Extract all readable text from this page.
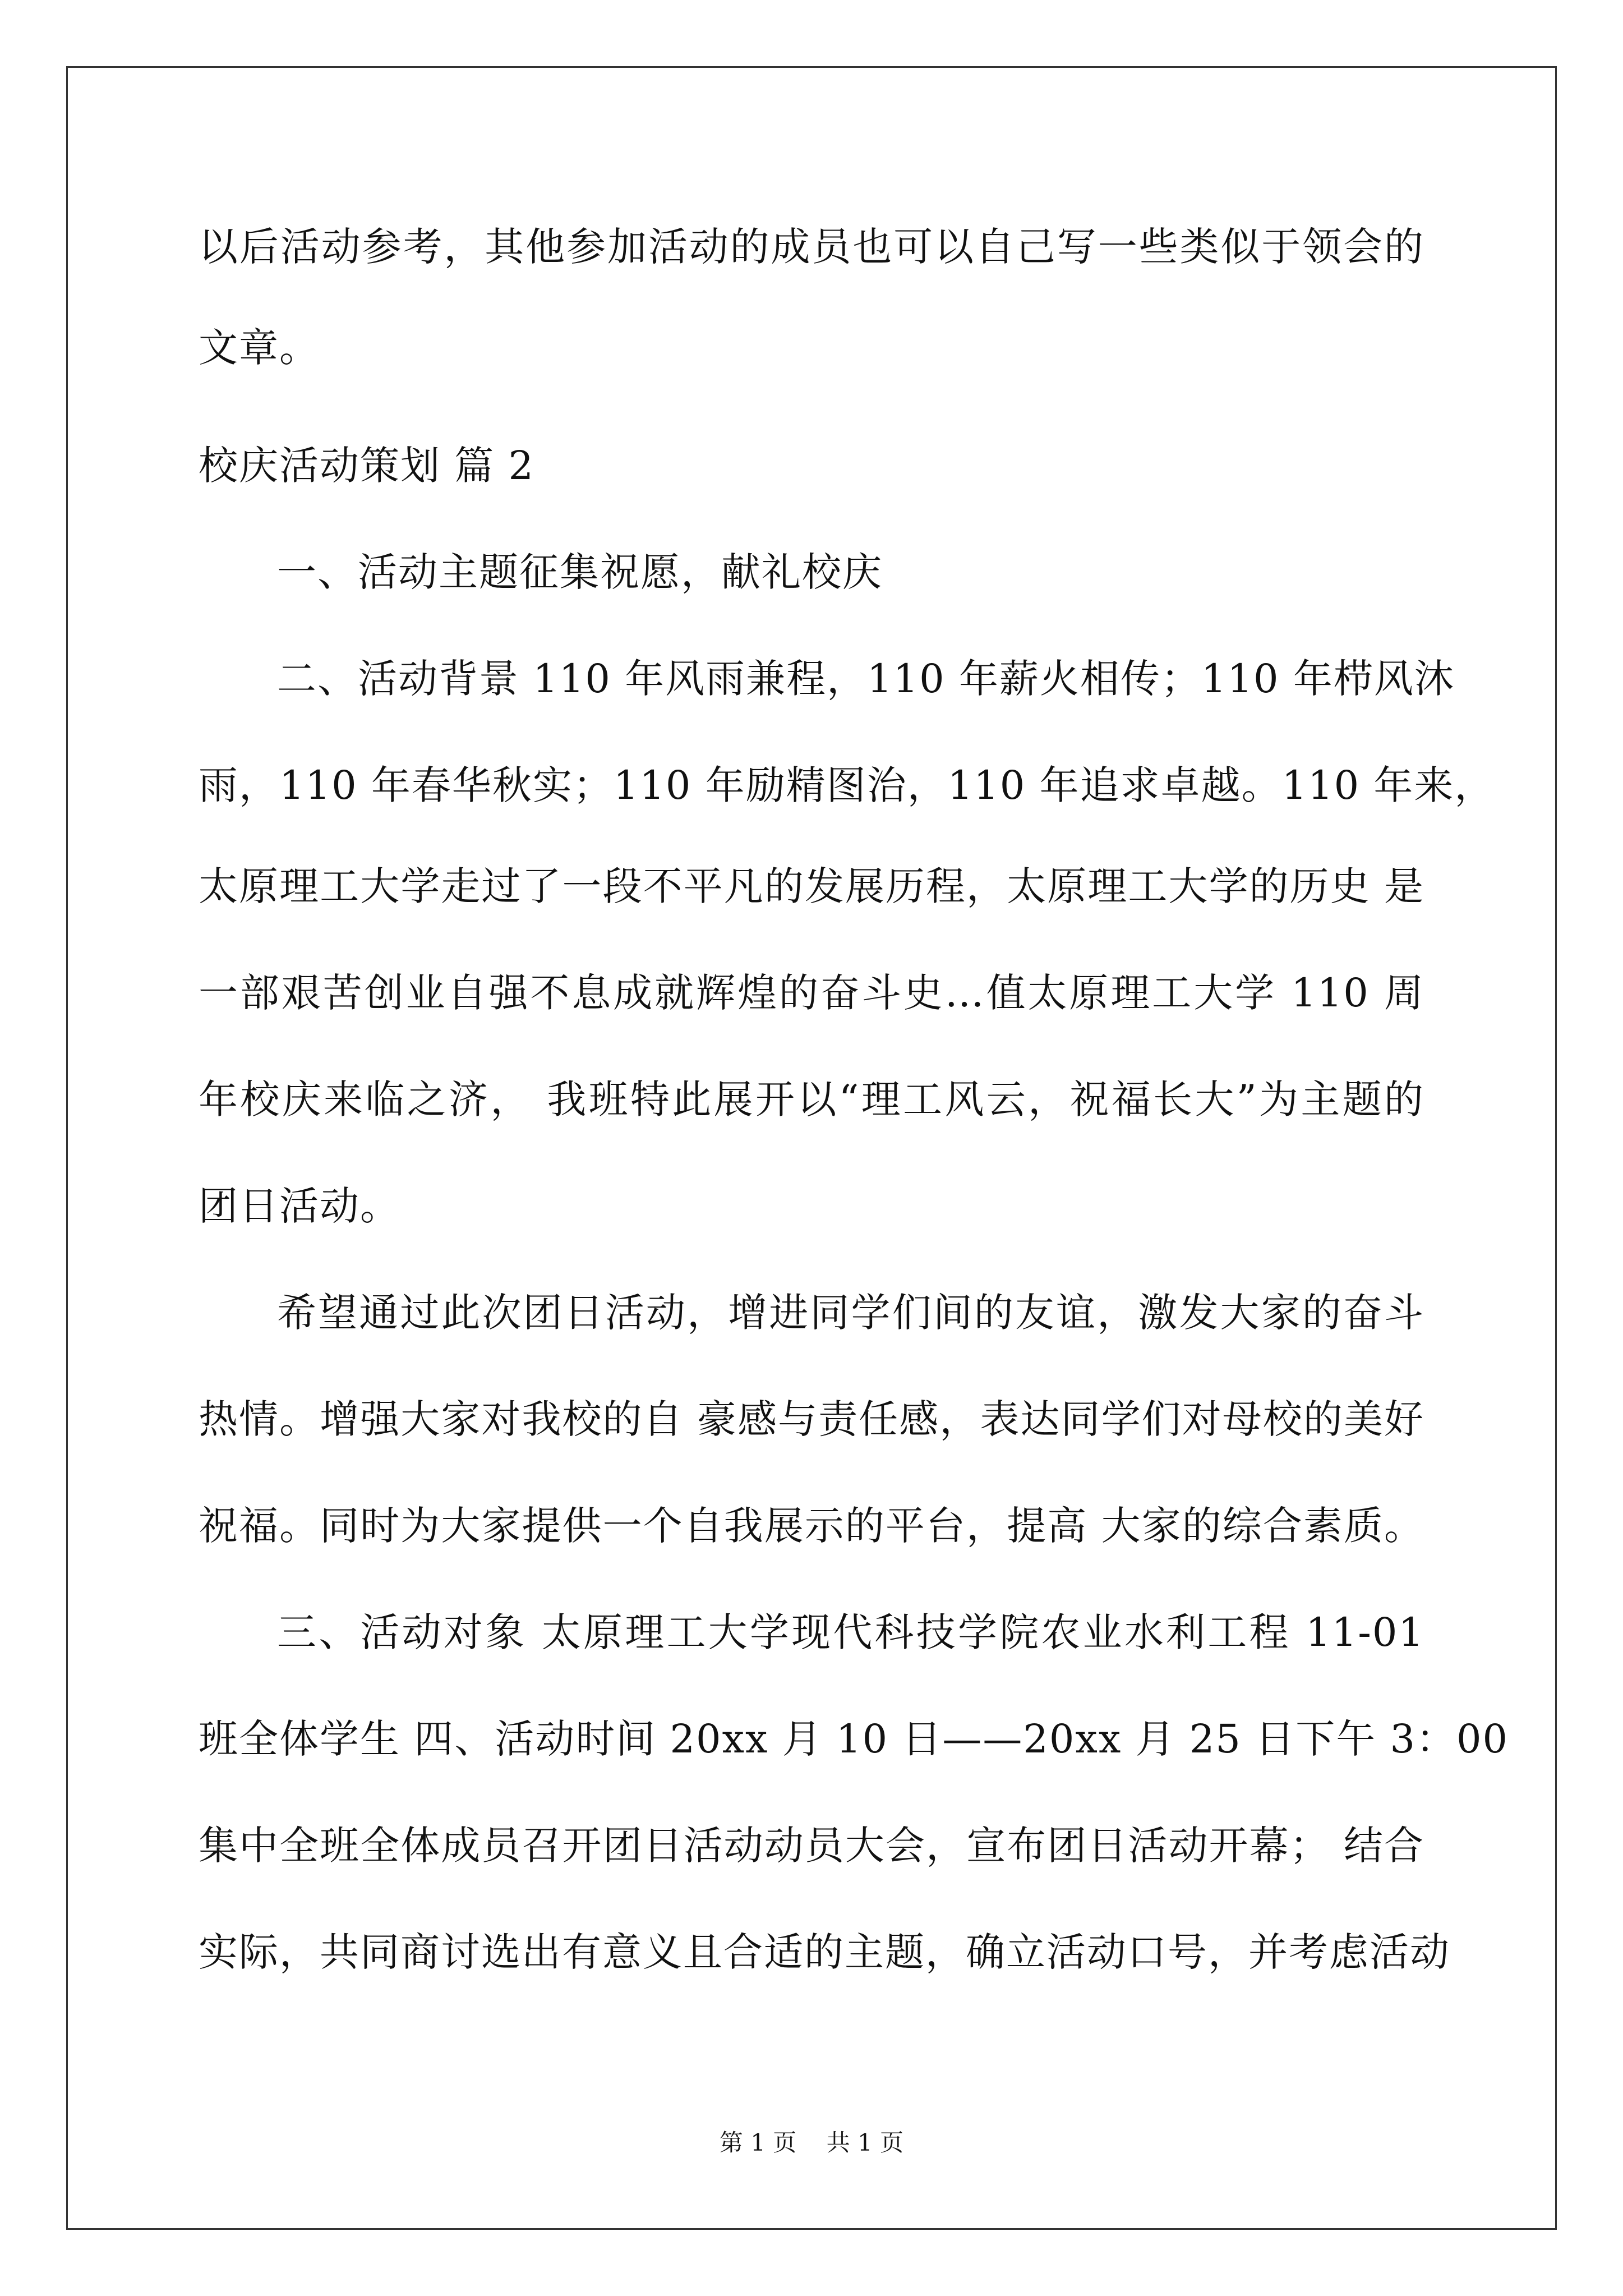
以后活动参考，其他参加活动的成员也可以自己写一些类似于领会的
文章。
校庆活动策划 篇 2
一、活动主题征集祝愿，献礼校庆
二、活动背景 110 年风雨兼程，110 年薪火相传；110 年栉风沐
雨，110 年春华秋实；110 年励精图治，110 年追求卓越。110 年来，
太原理工大学走过了一段不平凡的发展历程，太原理工大学的历史 是
一部艰苦创业自强不息成就辉煌的奋斗史…值太原理工大学 110 周
年校庆来临之济， 我班特此展开以“理工风云，祝福长大”为主题的
团日活动。
希望通过此次团日活动，增进同学们间的友谊，激发大家的奋斗
热情。增强大家对我校的自 豪感与责任感，表达同学们对母校的美好
祝福。同时为大家提供一个自我展示的平台，提高 大家的综合素质。
三、活动对象 太原理工大学现代科技学院农业水利工程 11-01
班全体学生 四、活动时间 20xx 月 10 日——20xx 月 25 日下午 3：00
集中全班全体成员召开团日活动动员大会，宣布团日活动开幕； 结合
实际，共同商讨选出有意义且合适的主题，确立活动口号，并考虑活动
第 1 页    共 1 页
